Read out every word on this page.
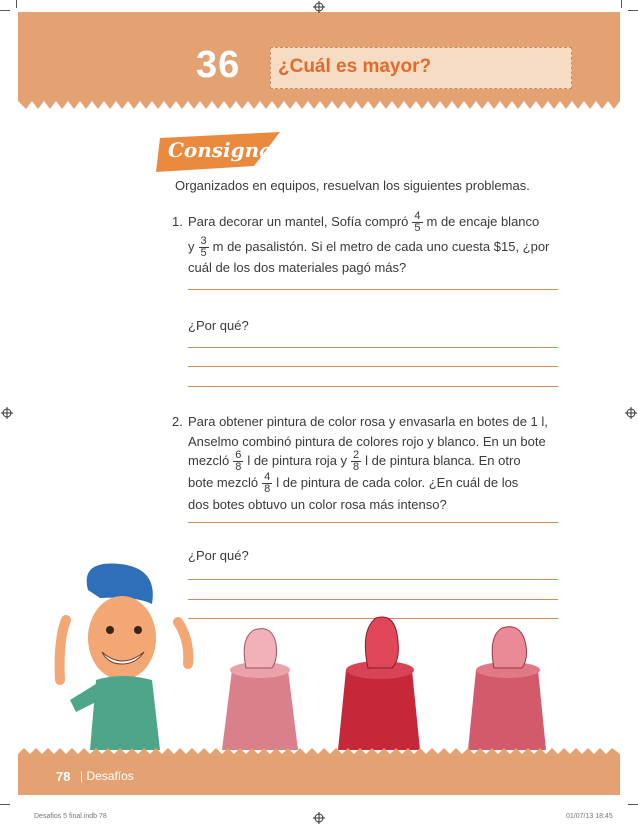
36 ¿Cuál es mayor?
Consigna
Organizados en equipos, resuelvan los siguientes problemas.
1. Para decorar un mantel, Sofía compró $\frac{4}{5}$ m de encaje blanco
y $\frac{3}{5}$ m de pasalistón. Si el metro de cada uno cuesta $15, ¿por
cuál de los dos materiales pagó más?
¿Por qué?
2. Para obtener pintura de color rosa y envasarla en botes de 1 l,
Anselmo combinó pintura de colores rojo y blanco. En un bote
mezcló $\frac{6}{8}$ l de pintura roja y $\frac{2}{8}$ l de pintura blanca. En otro
bote mezcló $\frac{4}{8}$ l de pintura de cada color. ¿En cuál de los
dos botes obtuvo un color rosa más intenso?
¿Por qué?
78 | Desafíos
Desafios 5 final.indb 78	01/07/13 18:45
